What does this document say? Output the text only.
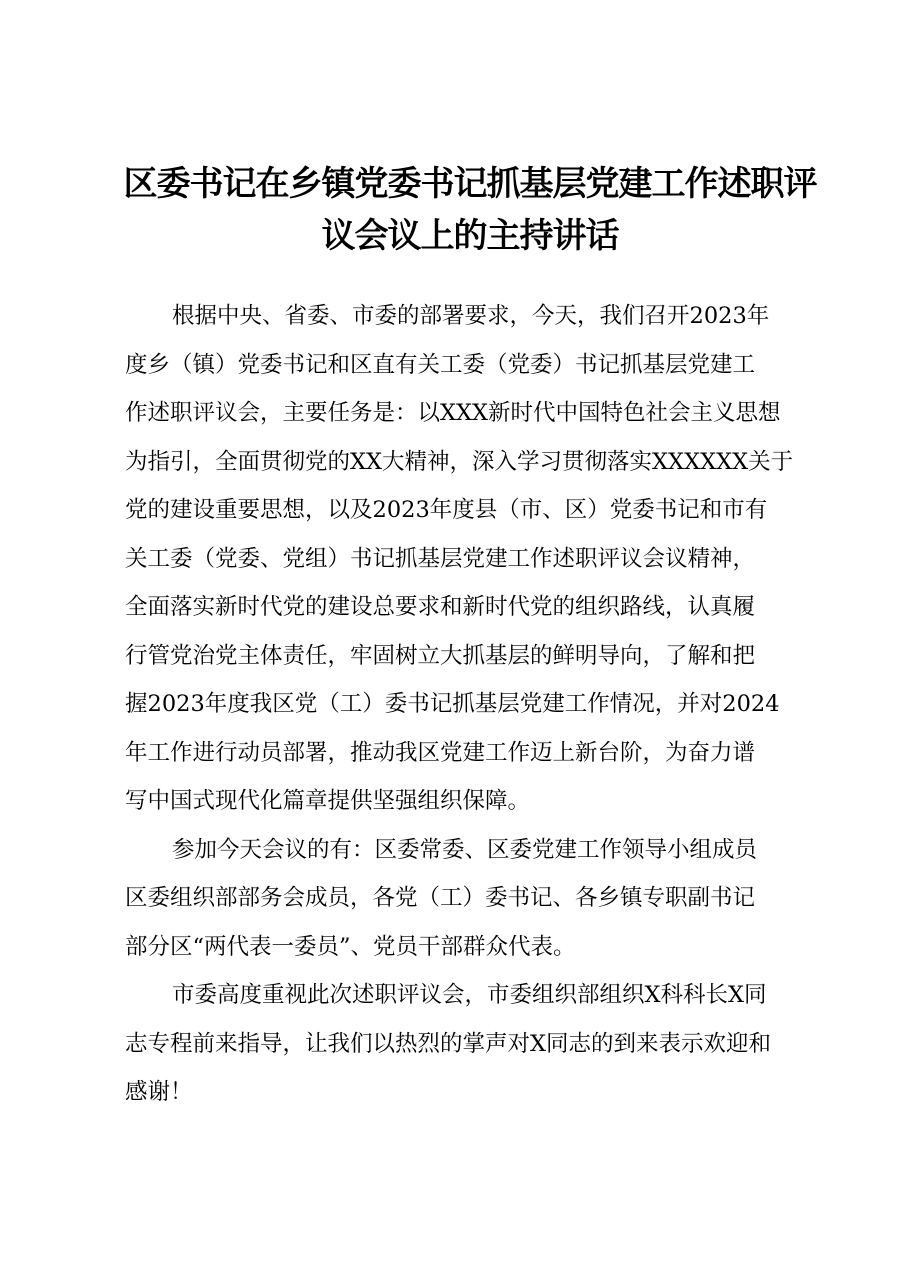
区委书记在乡镇党委书记抓基层党建工作述职评
议会议上的主持讲话
根据中央、省委、市委的部署要求，今天，我们召开2023年
度乡（镇）党委书记和区直有关工委（党委）书记抓基层党建工
作述职评议会，主要任务是：以XXX新时代中国特色社会主义思想
为指引，全面贯彻党的XX大精神，深入学习贯彻落实XXXXXX关于
党的建设重要思想，以及2023年度县（市、区）党委书记和市有
关工委（党委、党组）书记抓基层党建工作述职评议会议精神，
全面落实新时代党的建设总要求和新时代党的组织路线，认真履
行管党治党主体责任，牢固树立大抓基层的鲜明导向，了解和把
握2023年度我区党（工）委书记抓基层党建工作情况，并对2024
年工作进行动员部署，推动我区党建工作迈上新台阶，为奋力谱
写中国式现代化篇章提供坚强组织保障。
参加今天会议的有：区委常委、区委党建工作领导小组成员
区委组织部部务会成员，各党（工）委书记、各乡镇专职副书记
部分区“两代表一委员”、党员干部群众代表。
市委高度重视此次述职评议会，市委组织部组织X科科长X同
志专程前来指导，让我们以热烈的掌声对X同志的到来表示欢迎和
感谢！
